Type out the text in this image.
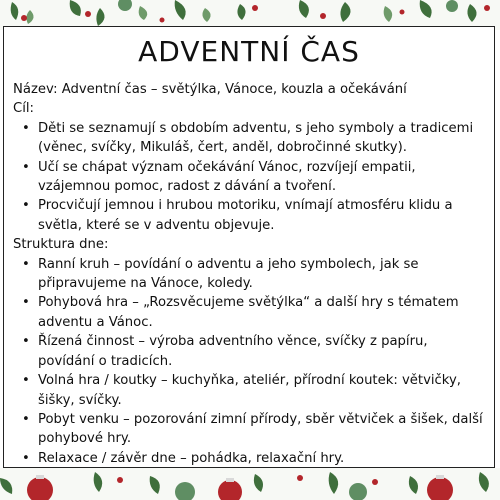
ADVENTNÍ ČAS

Název: Adventní čas – světýlka, Vánoce, kouzla a očekávání

Cíl:

• Děti se seznamují s obdobím adventu, s jeho symboly a tradicemi (věnec, svíčky, Mikuláš, čert, anděl, dobročinné skutky).
• Učí se chápat význam očekávání Vánoc, rozvíjejí empatii, vzájemnou pomoc, radost z dávání a tvoření.
• Procvičují jemnou i hrubou motoriku, vnímají atmosféru klidu a světla, které se v adventu objevuje.

Struktura dne:

• Ranní kruh – povídání o adventu a jeho symbolech, jak se připravujeme na Vánoce, koledy.
• Pohybová hra – „Rozsvěcujeme světýlka“ a další hry s tématem adventu a Vánoc.
• Řízená činnost – výroba adventního věnce, svíčky z papíru, povídání o tradicích.
• Volná hra / koutky – kuchyňka, ateliér, přírodní koutek: větvičky, šišky, svíčky.
• Pobyt venku – pozorování zimní přírody, sběr větviček a šišek, další pohybové hry.
• Relaxace / závěr dne – pohádka, relaxační hry.
